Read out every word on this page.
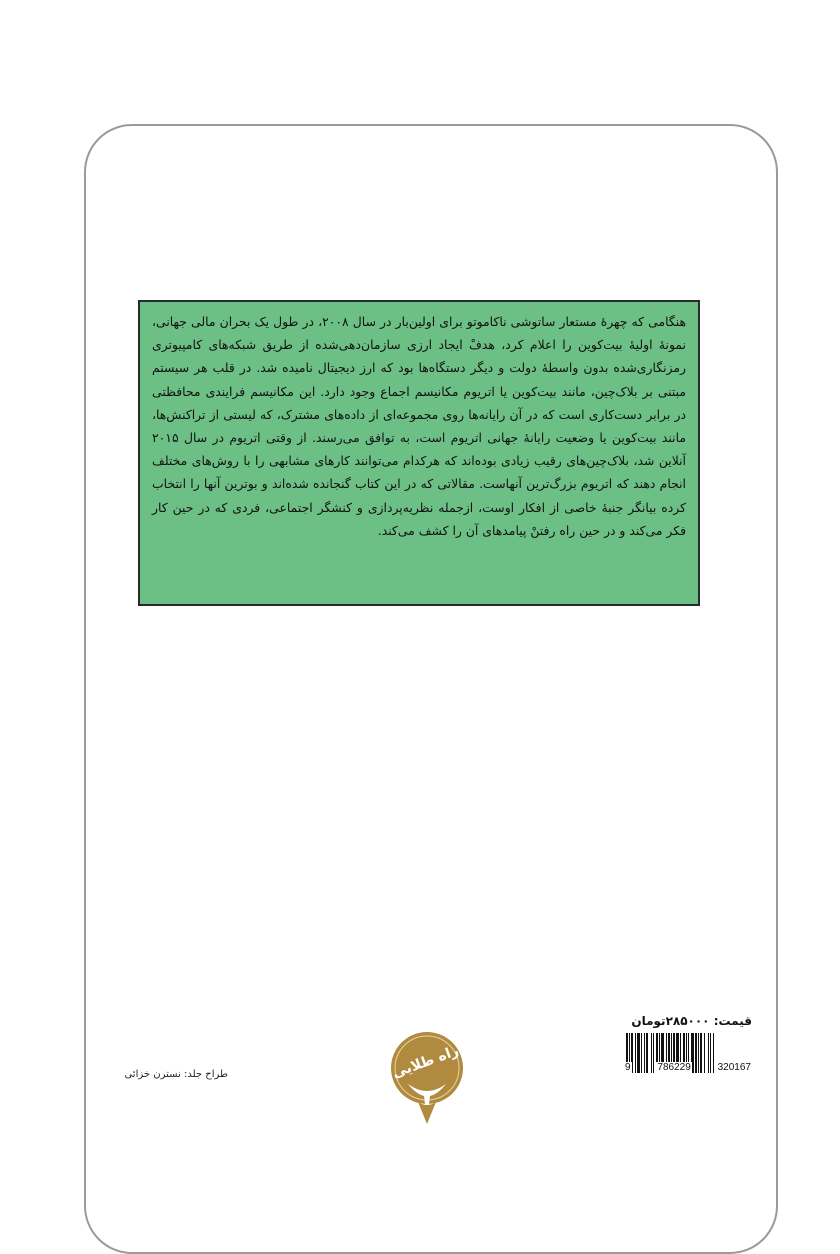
هنگامی که چهرهٔ مستعار ساتوشی ناکاموتو برای اولین‌بار در سال ۲۰۰۸، در طول یک بحران مالی جهانی، نمونهٔ اولیهٔ بیت‌کوین را اعلام کرد، هدفْ ایجاد ارزی سازمان‌دهی‌شده از طریق شبکه‌های کامپیوتری رمزنگاری‌شده بدون واسطهٔ دولت و دیگر دستگاه‌ها بود که ارز دیجیتال نامیده شد. در قلب هر سیستم مبتنی بر بلاک‌چین، مانند بیت‌کوین یا اتریوم مکانیسم اجماع وجود دارد. این مکانیسم فرایندی محافظتی در برابر دست‌کاری است که در آن رایانه‌ها روی مجموعه‌ای از داده‌های مشترک، که لیستی از تراکنش‌ها، مانند بیت‌کوین یا وضعیت رایانهٔ جهانی اتریوم است، به توافق می‌رسند. از وقتی اتریوم در سال ۲۰۱۵ آنلاین شد، بلاک‌چین‌های رقیب زیادی بوده‌اند که هرکدام می‌توانند کارهای مشابهی را با روش‌های مختلف انجام دهند که اتریوم بزرگ‌ترین آنهاست. مقالاتی که در این کتاب گنجانده شده‌اند و بوترین آنها را انتخاب کرده بیانگر جنبهٔ خاصی از افکار اوست، ازجمله نظریه‌پردازی و کنشگر اجتماعی، فردی که در حین کار فکر می‌کند و در حین راه رفتنْ پیامدهای آن را کشف می‌کند.
قیمت: ۲۸۵۰۰۰تومان
9	786229	320167
راه طلایی
طراح جلد: نسترن خزائی
